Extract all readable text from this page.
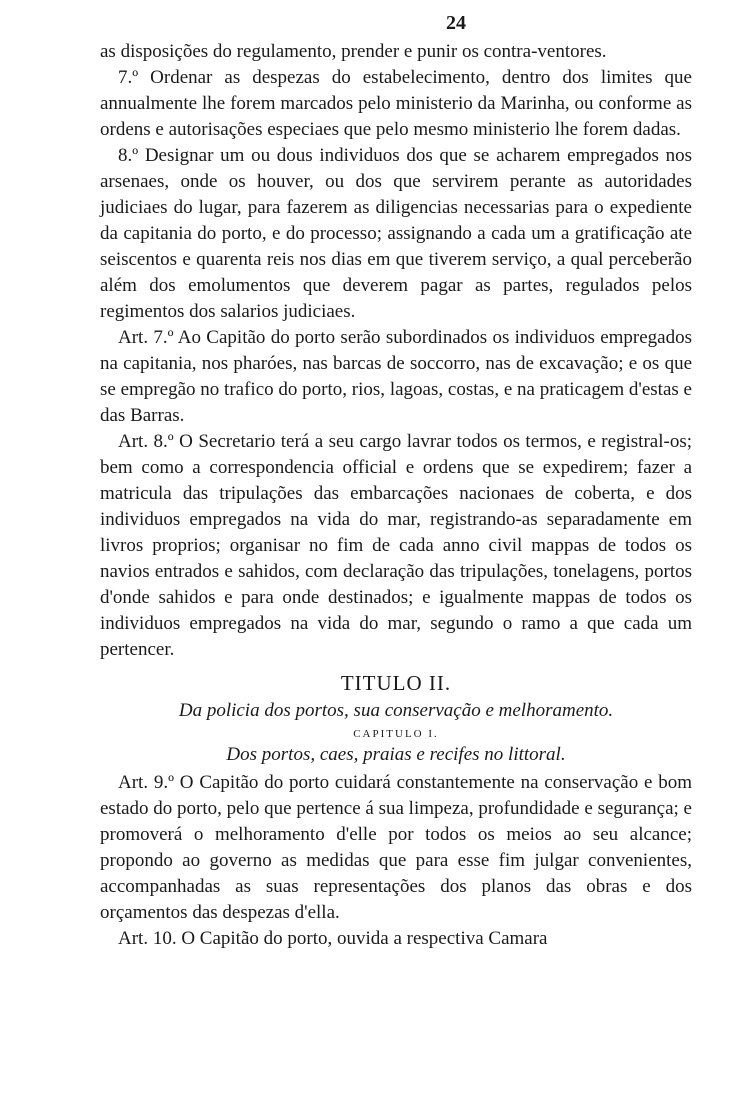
24

as disposições do regulamento, prender e punir os contra-ventores.

7.º Ordenar as despezas do estabelecimento, dentro dos limites que annualmente lhe forem marcados pelo ministerio da Marinha, ou conforme as ordens e autorisações especiaes que pelo mesmo ministerio lhe forem dadas.

8.º Designar um ou dous individuos dos que se acharem empregados nos arsenaes, onde os houver, ou dos que servirem perante as autoridades judiciaes do lugar, para fazerem as diligencias necessarias para o expediente da capitania do porto, e do processo; assignando a cada um a gratificação ate seiscentos e quarenta reis nos dias em que tiverem serviço, a qual perceberão além dos emolumentos que deverem pagar as partes, regulados pelos regimentos dos salarios judiciaes.

Art. 7.º Ao Capitão do porto serão subordinados os individuos empregados na capitania, nos pharóes, nas barcas de soccorro, nas de excavação; e os que se empregão no trafico do porto, rios, lagoas, costas, e na praticagem d'estas e das Barras.

Art. 8.º O Secretario terá a seu cargo lavrar todos os termos, e registral-os; bem como a correspondencia official e ordens que se expedirem; fazer a matricula das tripulações das embarcações nacionaes de coberta, e dos individuos empregados na vida do mar, registrando-as separadamente em livros proprios; organisar no fim de cada anno civil mappas de todos os navios entrados e sahidos, com declaração das tripulações, tonelagens, portos d'onde sahidos e para onde destinados; e igualmente mappas de todos os individuos empregados na vida do mar, segundo o ramo a que cada um pertencer.

TITULO II.
Da policia dos portos, sua conservação e melhoramento.
CAPITULO I.
Dos portos, caes, praias e recifes no littoral.

Art. 9.º O Capitão do porto cuidará constantemente na conservação e bom estado do porto, pelo que pertence á sua limpeza, profundidade e segurança; e promoverá o melhoramento d'elle por todos os meios ao seu alcance; propondo ao governo as medidas que para esse fim julgar convenientes, accompanhadas as suas representações dos planos das obras e dos orçamentos das despezas d'ella.

Art. 10. O Capitão do porto, ouvida a respectiva Camara
